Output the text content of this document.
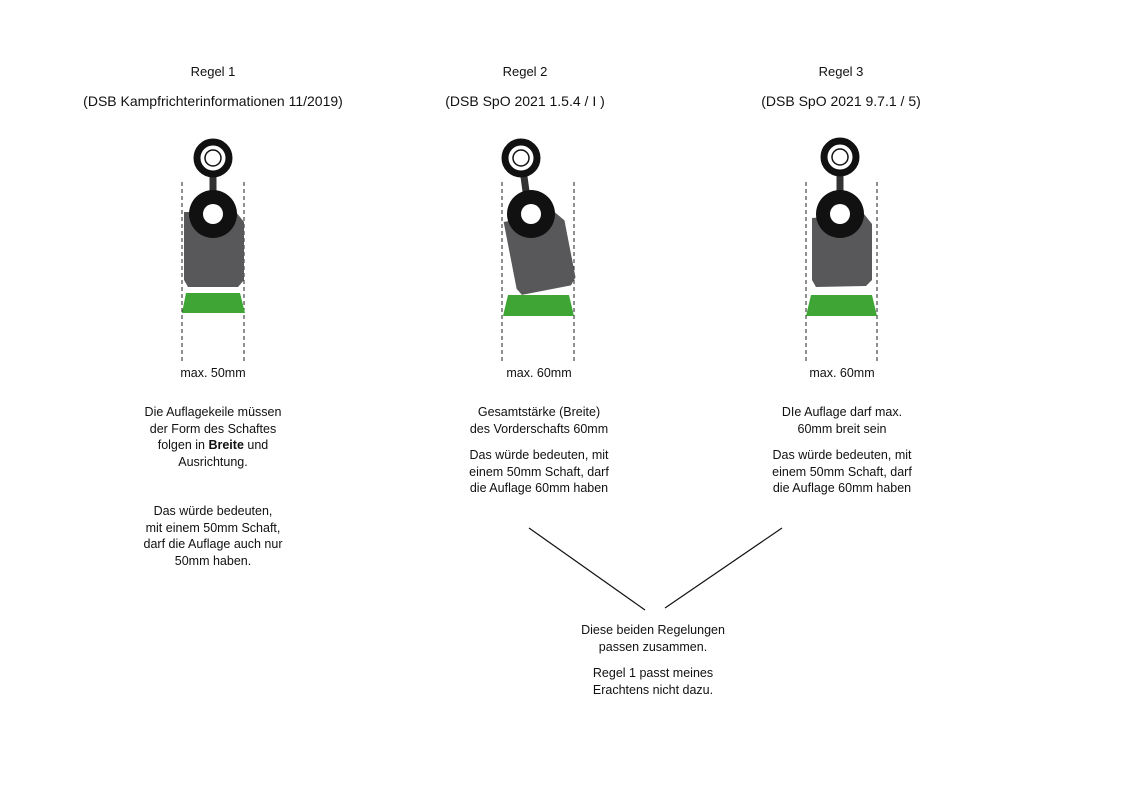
Regel 1
(DSB Kampfrichterinformationen 11/2019)
max. 50mm
Die Auflagekeile müssen
der Form des Schaftes
folgen in Breite und
Ausrichtung.
Das würde bedeuten,
mit einem 50mm Schaft,
darf die Auflage auch nur
50mm haben.
Regel 2
(DSB SpO 2021 1.5.4 / I )
max. 60mm
Gesamtstärke (Breite)
des Vorderschafts 60mm
Das würde bedeuten, mit
einem 50mm Schaft, darf
die Auflage 60mm haben
Regel 3
(DSB SpO 2021 9.7.1 / 5)
max. 60mm
DIe Auflage darf max.
60mm breit sein
Das würde bedeuten, mit
einem 50mm Schaft, darf
die Auflage 60mm haben
Diese beiden Regelungen
passen zusammen.
Regel 1 passt meines
Erachtens nicht dazu.
